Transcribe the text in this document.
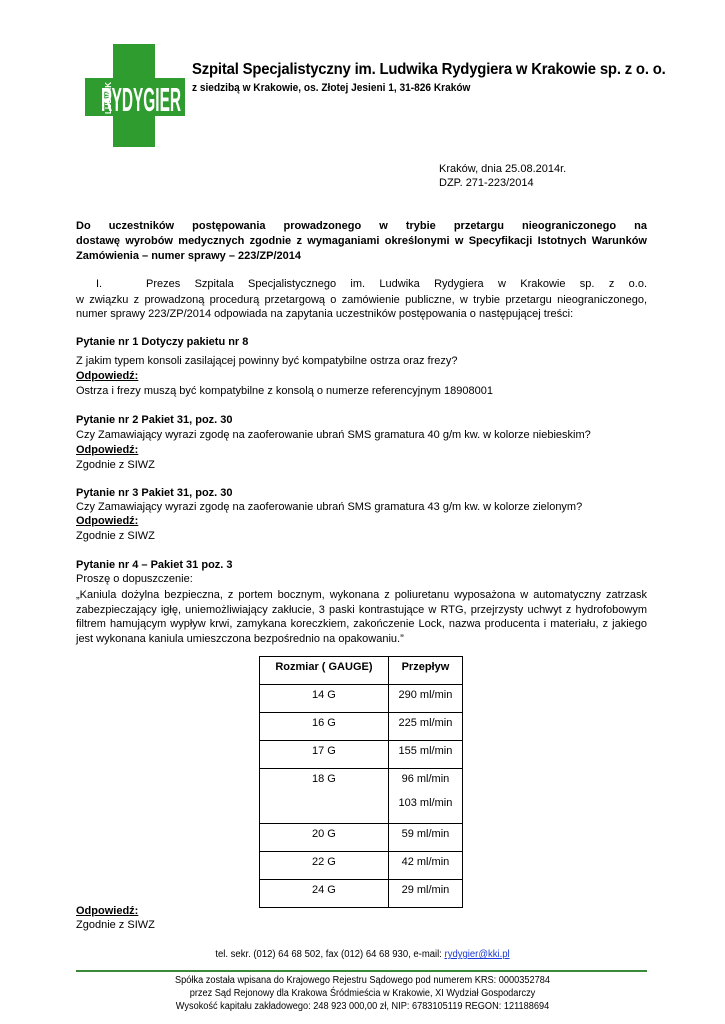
LUDWIK
RYDYGIER
Szpital Specjalistyczny im. Ludwika Rydygiera w Krakowie sp. z o. o.
z siedzibą w Krakowie, os. Złotej Jesieni 1, 31-826 Kraków
Kraków, dnia 25.08.2014r.
DZP. 271-223/2014
Do uczestników postępowania prowadzonego w trybie przetargu nieograniczonego na
dostawę wyrobów medycznych zgodnie z wymaganiami określonymi w Specyfikacji Istotnych Warunków
Zamówienia – numer sprawy – 223/ZP/2014
I.	Prezes Szpitala Specjalistycznego im. Ludwika Rydygiera w Krakowie sp. z o.o.
w związku z prowadzoną procedurą przetargową o zamówienie publiczne, w trybie przetargu nieograniczonego,
numer sprawy 223/ZP/2014 odpowiada na zapytania uczestników postępowania o następującej treści:
Pytanie nr 1 Dotyczy pakietu nr 8
Z jakim typem konsoli zasilającej powinny być kompatybilne ostrza oraz frezy?
Odpowiedź:
Ostrza i frezy muszą być kompatybilne z konsolą o numerze referencyjnym 18908001
Pytanie nr 2 Pakiet 31, poz. 30
Czy Zamawiający wyrazi zgodę na zaoferowanie ubrań SMS gramatura 40 g/m kw. w kolorze niebieskim?
Odpowiedź:
Zgodnie z SIWZ
Pytanie nr 3 Pakiet 31, poz. 30
Czy Zamawiający wyrazi zgodę na zaoferowanie ubrań SMS gramatura 43 g/m kw. w kolorze zielonym?
Odpowiedź:
Zgodnie z SIWZ
Pytanie nr 4 – Pakiet 31 poz. 3
Proszę o dopuszczenie:
„Kaniula dożylna bezpieczna, z portem bocznym, wykonana z poliuretanu wyposażona w automatyczny zatrzask
zabezpieczający igłę, uniemożliwiający zakłucie, 3 paski kontrastujące w RTG, przejrzysty uchwyt z hydrofobowym
filtrem hamującym wypływ krwi, zamykana koreczkiem, zakończenie Lock, nazwa producenta i materiału, z jakiego
jest wykonana kaniula umieszczona bezpośrednio na opakowaniu.”
Rozmiar ( GAUGE)	Przepływ
14 G	290 ml/min
16 G	225 ml/min
17 G	155 ml/min
18 G	96 ml/min
103 ml/min

20 G	59 ml/min
22 G	42 ml/min
24 G	29 ml/min
Odpowiedź:
Zgodnie z SIWZ
tel. sekr. (012) 64 68 502, fax (012) 64 68 930, e-mail: rydygier@kki.pl
Spółka została wpisana do Krajowego Rejestru Sądowego pod numerem KRS: 0000352784
przez Sąd Rejonowy dla Krakowa Śródmieścia w Krakowie, XI Wydział Gospodarczy
Wysokość kapitału zakładowego: 248 923 000,00 zł, NIP: 6783105119 REGON: 121188694
